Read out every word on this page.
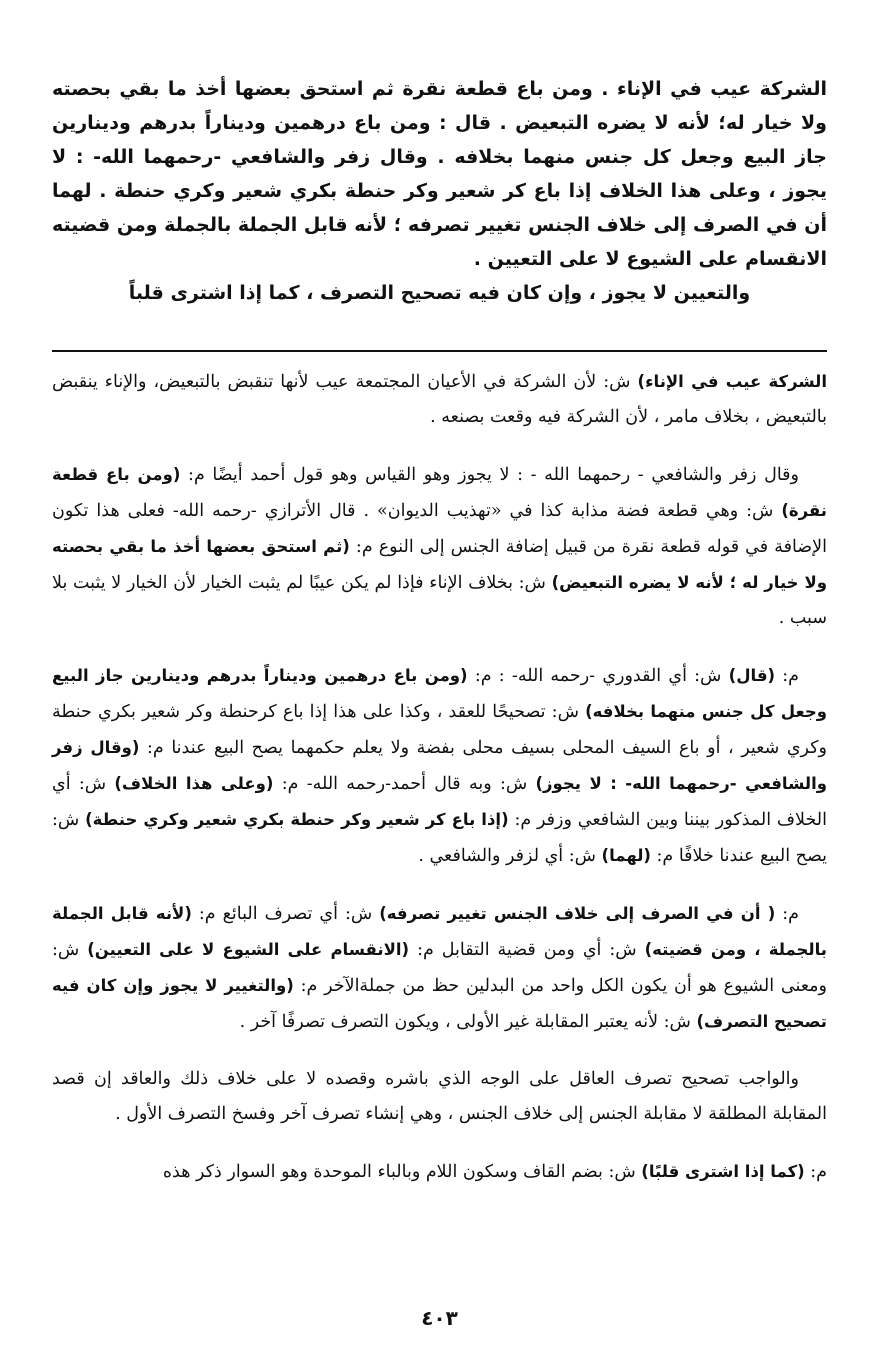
الشركة عيب في الإناء . ومن باع قطعة نقرة ثم استحق بعضها أخذ ما بقي بحصته ولا خيار له؛ لأنه لا يضره التبعيض . قال : ومن باع درهمين وديناراً بدرهم ودينارين جاز البيع وجعل كل جنس منهما بخلافه . وقال زفر والشافعي -رحمهما الله- : لا يجوز ، وعلى هذا الخلاف إذا باع كر شعير وكر حنطة بكري شعير وكري حنطة . لهما أن في الصرف إلى خلاف الجنس تغيير تصرفه ؛ لأنه قابل الجملة بالجملة ومن قضيته الانقسام على الشيوع لا على التعيين .

والتعيين لا يجوز ، وإن كان فيه تصحيح التصرف ، كما إذا اشترى قلباً

الشركة عيب في الإناء) ش: لأن الشركة في الأعيان المجتمعة عيب لأنها تنقبض بالتبعيض، والإناء ينقبض بالتبعيض ، بخلاف مامر ، لأن الشركة فيه وقعت بصنعه .

وقال زفر والشافعي - رحمهما الله - : لا يجوز وهو القياس وهو قول أحمد أيضًا م: (ومن باع قطعة نقرة) ش: وهي قطعة فضة مذابة كذا في «تهذيب الديوان» . قال الأترازي -رحمه الله- فعلى هذا تكون الإضافة في قوله قطعة نقرة من قبيل إضافة الجنس إلى النوع م: (ثم استحق بعضها أخذ ما بقي بحصته ولا خيار له ؛ لأنه لا يضره التبعيض) ش: بخلاف الإناء فإذا لم يكن عيبًا لم يثبت الخيار لأن الخيار لا يثبت بلا سبب .

م: (قال) ش: أي القدوري -رحمه الله- : م: (ومن باع درهمين وديناراً بدرهم ودينارين جاز البيع وجعل كل جنس منهما بخلافه) ش: تصحيحًا للعقد ، وكذا على هذا إذا باع كرحنطة وكر شعير بكري حنطة وكري شعير ، أو باع السيف المحلى بسيف محلى بفضة ولا يعلم حكمهما يصح البيع عندنا م: (وقال زفر والشافعي -رحمهما الله- : لا يجوز) ش: وبه قال أحمد-رحمه الله- م: (وعلى هذا الخلاف) ش: أي الخلاف المذكور بيننا وبين الشافعي وزفر م: (إذا باع كر شعير وكر حنطة بكري شعير وكري حنطة) ش: يصح البيع عندنا خلافًا م: (لهما) ش: أي لزفر والشافعي .

م: ( أن في الصرف إلى خلاف الجنس تغيير تصرفه) ش: أي تصرف البائع م: (لأنه قابل الجملة بالجملة ، ومن قضيته) ش: أي ومن قضية التقابل م: (الانقسام على الشيوع لا على التعيين) ش: ومعنى الشيوع هو أن يكون الكل واحد من البدلين حظ من جملةالآخر م: (والتغيير لا يجوز وإن كان فيه تصحيح التصرف) ش: لأنه يعتبر المقابلة غير الأولى ، ويكون التصرف تصرفًا آخر .

والواجب تصحيح تصرف العاقل على الوجه الذي باشره وقصده لا على خلاف ذلك والعاقد إن قصد المقابلة المطلقة لا مقابلة الجنس إلى خلاف الجنس ، وهي إنشاء تصرف آخر وفسخ التصرف الأول .

م: (كما إذا اشترى قلبًا) ش: بضم القاف وسكون اللام وبالباء الموحدة وهو السوار ذكر هذه

٤٠٣
